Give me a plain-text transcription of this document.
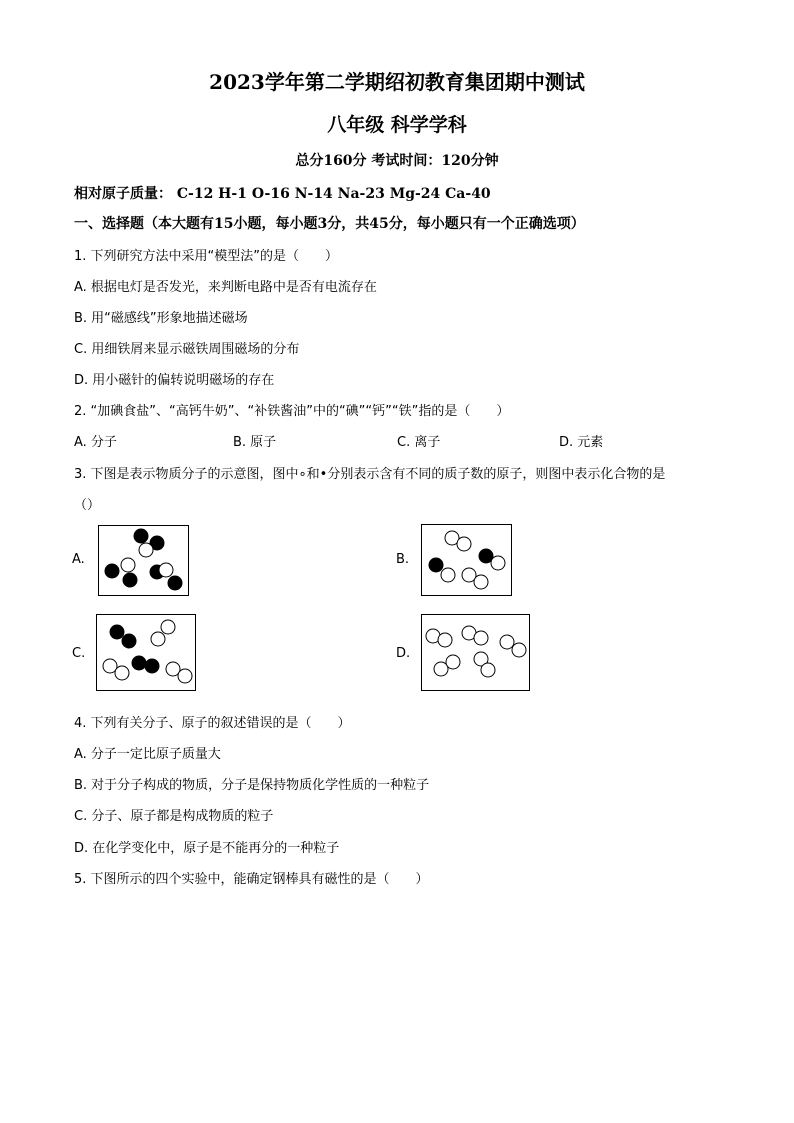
2023学年第二学期绍初教育集团期中测试
八年级 科学学科
总分160分 考试时间：120分钟
相对原子质量： C-12 H-1 O-16 N-14 Na-23 Mg-24 Ca-40
一、选择题（本大题有15小题，每小题3分，共45分，每小题只有一个正确选项）
1. 下列研究方法中采用“模型法”的是（　　）
A. 根据电灯是否发光，来判断电路中是否有电流存在
B. 用“磁感线”形象地描述磁场
C. 用细铁屑来显示磁铁周围磁场的分布
D. 用小磁针的偏转说明磁场的存在
2. “加碘食盐”、“高钙牛奶”、“补铁酱油”中的“碘”“钙”“铁”指的是（　　）
A. 分子	B. 原子	C. 离子	D. 元素
3. 下图是表示物质分子的示意图，图中∘和•分别表示含有不同的质子数的原子，则图中表示化合物的是
（）
A.	B.
C.	D.
4. 下列有关分子、原子的叙述错误的是（　　）
A. 分子一定比原子质量大
B. 对于分子构成的物质，分子是保持物质化学性质的一种粒子
C. 分子、原子都是构成物质的粒子
D. 在化学变化中，原子是不能再分的一种粒子
5. 下图所示的四个实验中，能确定钢棒具有磁性的是（　　）
